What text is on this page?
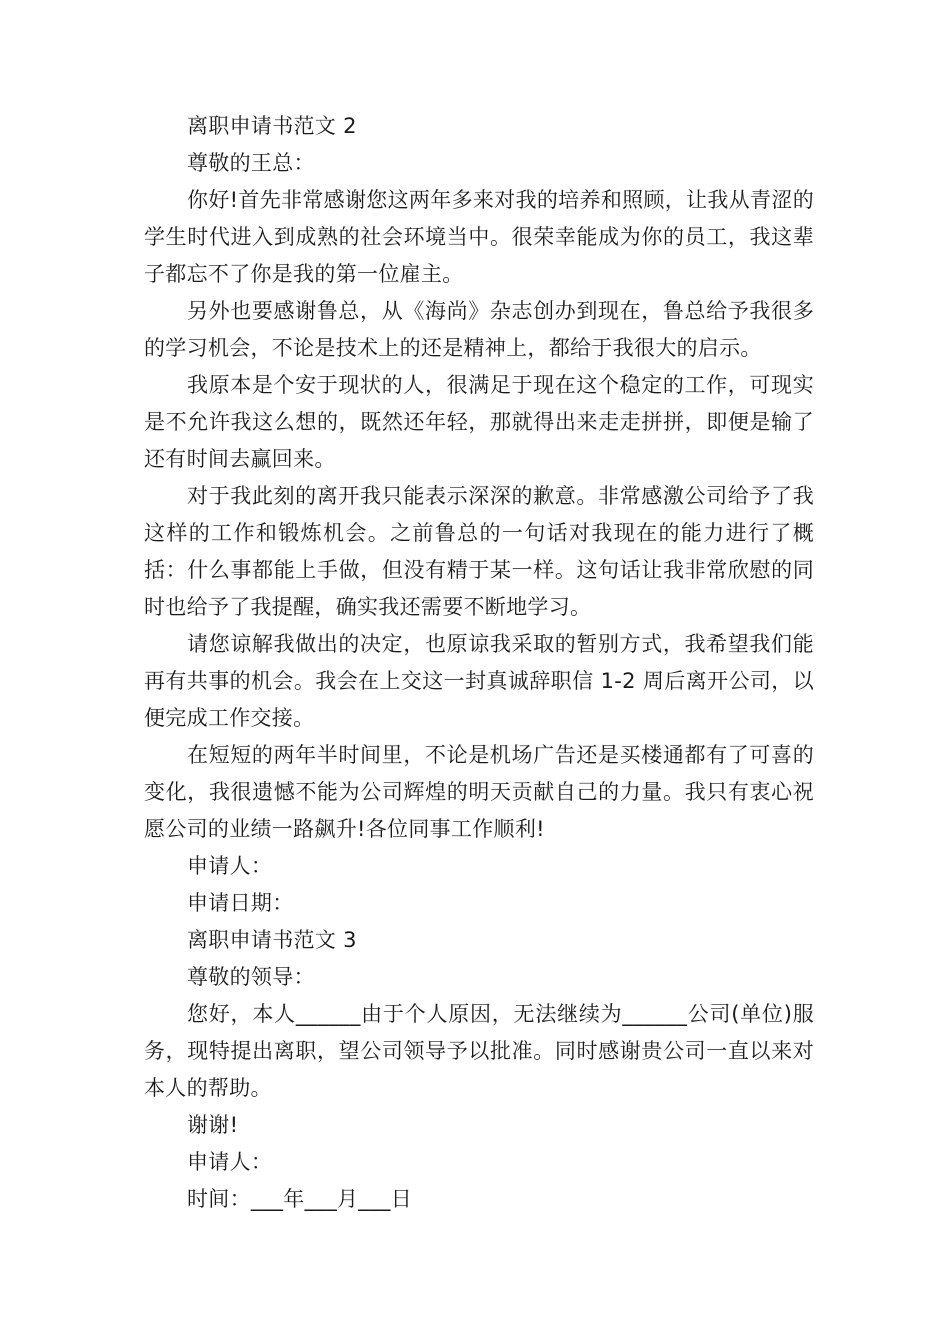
离职申请书范文 2

尊敬的王总：

你好!首先非常感谢您这两年多来对我的培养和照顾，让我从青涩的学生时代进入到成熟的社会环境当中。很荣幸能成为你的员工，我这辈子都忘不了你是我的第一位雇主。

另外也要感谢鲁总，从《海尚》杂志创办到现在，鲁总给予我很多的学习机会，不论是技术上的还是精神上，都给于我很大的启示。

我原本是个安于现状的人，很满足于现在这个稳定的工作，可现实是不允许我这么想的，既然还年轻，那就得出来走走拼拼，即便是输了还有时间去赢回来。

对于我此刻的离开我只能表示深深的歉意。非常感激公司给予了我这样的工作和锻炼机会。之前鲁总的一句话对我现在的能力进行了概括：什么事都能上手做，但没有精于某一样。这句话让我非常欣慰的同时也给予了我提醒，确实我还需要不断地学习。

请您谅解我做出的决定，也原谅我采取的暂别方式，我希望我们能再有共事的机会。我会在上交这一封真诚辞职信 1-2 周后离开公司，以便完成工作交接。

在短短的两年半时间里，不论是机场广告还是买楼通都有了可喜的变化，我很遗憾不能为公司辉煌的明天贡献自己的力量。我只有衷心祝愿公司的业绩一路飙升!各位同事工作顺利!

申请人：

申请日期：

离职申请书范文 3

尊敬的领导：

您好，本人______由于个人原因，无法继续为______公司(单位)服务，现特提出离职，望公司领导予以批准。同时感谢贵公司一直以来对本人的帮助。

谢谢!

申请人：

时间：___年___月___日
